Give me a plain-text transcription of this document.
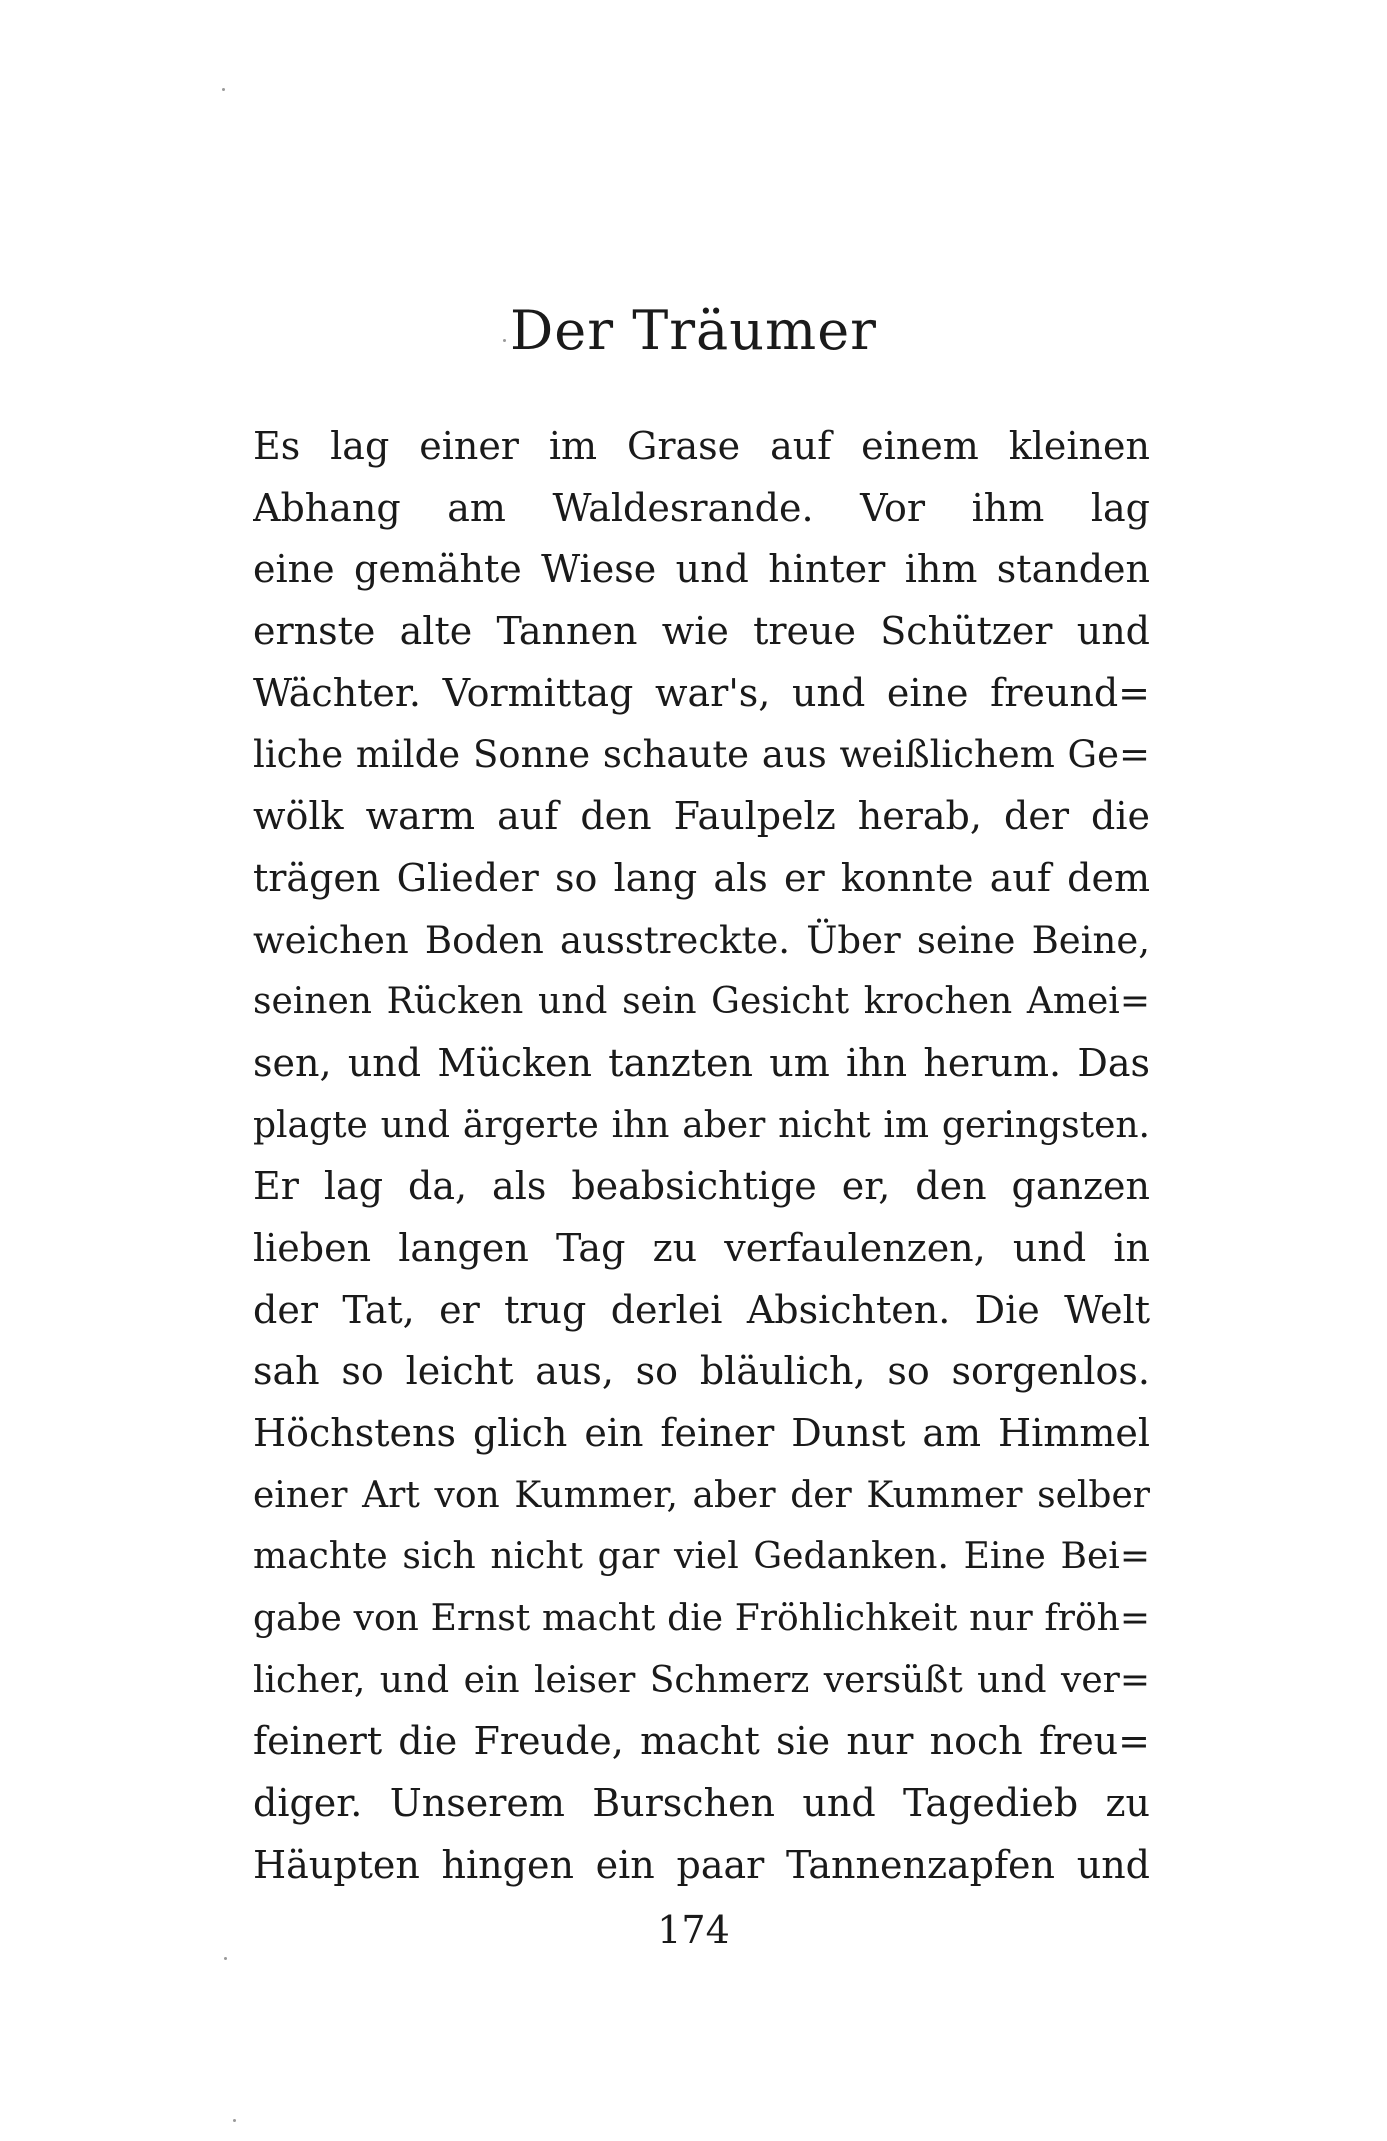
Der Träumer
Es lag einer im Grase auf einem kleinen
Abhang am Waldesrande. Vor ihm lag
eine gemähte Wiese und hinter ihm standen
ernste alte Tannen wie treue Schützer und
Wächter. Vormittag war's, und eine freund=
liche milde Sonne schaute aus weißlichem Ge=
wölk warm auf den Faulpelz herab, der die
trägen Glieder so lang als er konnte auf dem
weichen Boden ausstreckte. Über seine Beine,
seinen Rücken und sein Gesicht krochen Amei=
sen, und Mücken tanzten um ihn herum. Das
plagte und ärgerte ihn aber nicht im geringsten.
Er lag da, als beabsichtige er, den ganzen
lieben langen Tag zu verfaulenzen, und in
der Tat, er trug derlei Absichten. Die Welt
sah so leicht aus, so bläulich, so sorgenlos.
Höchstens glich ein feiner Dunst am Himmel
einer Art von Kummer, aber der Kummer selber
machte sich nicht gar viel Gedanken. Eine Bei=
gabe von Ernst macht die Fröhlichkeit nur fröh=
licher, und ein leiser Schmerz versüßt und ver=
feinert die Freude, macht sie nur noch freu=
diger. Unserem Burschen und Tagedieb zu
Häupten hingen ein paar Tannenzapfen und
174
